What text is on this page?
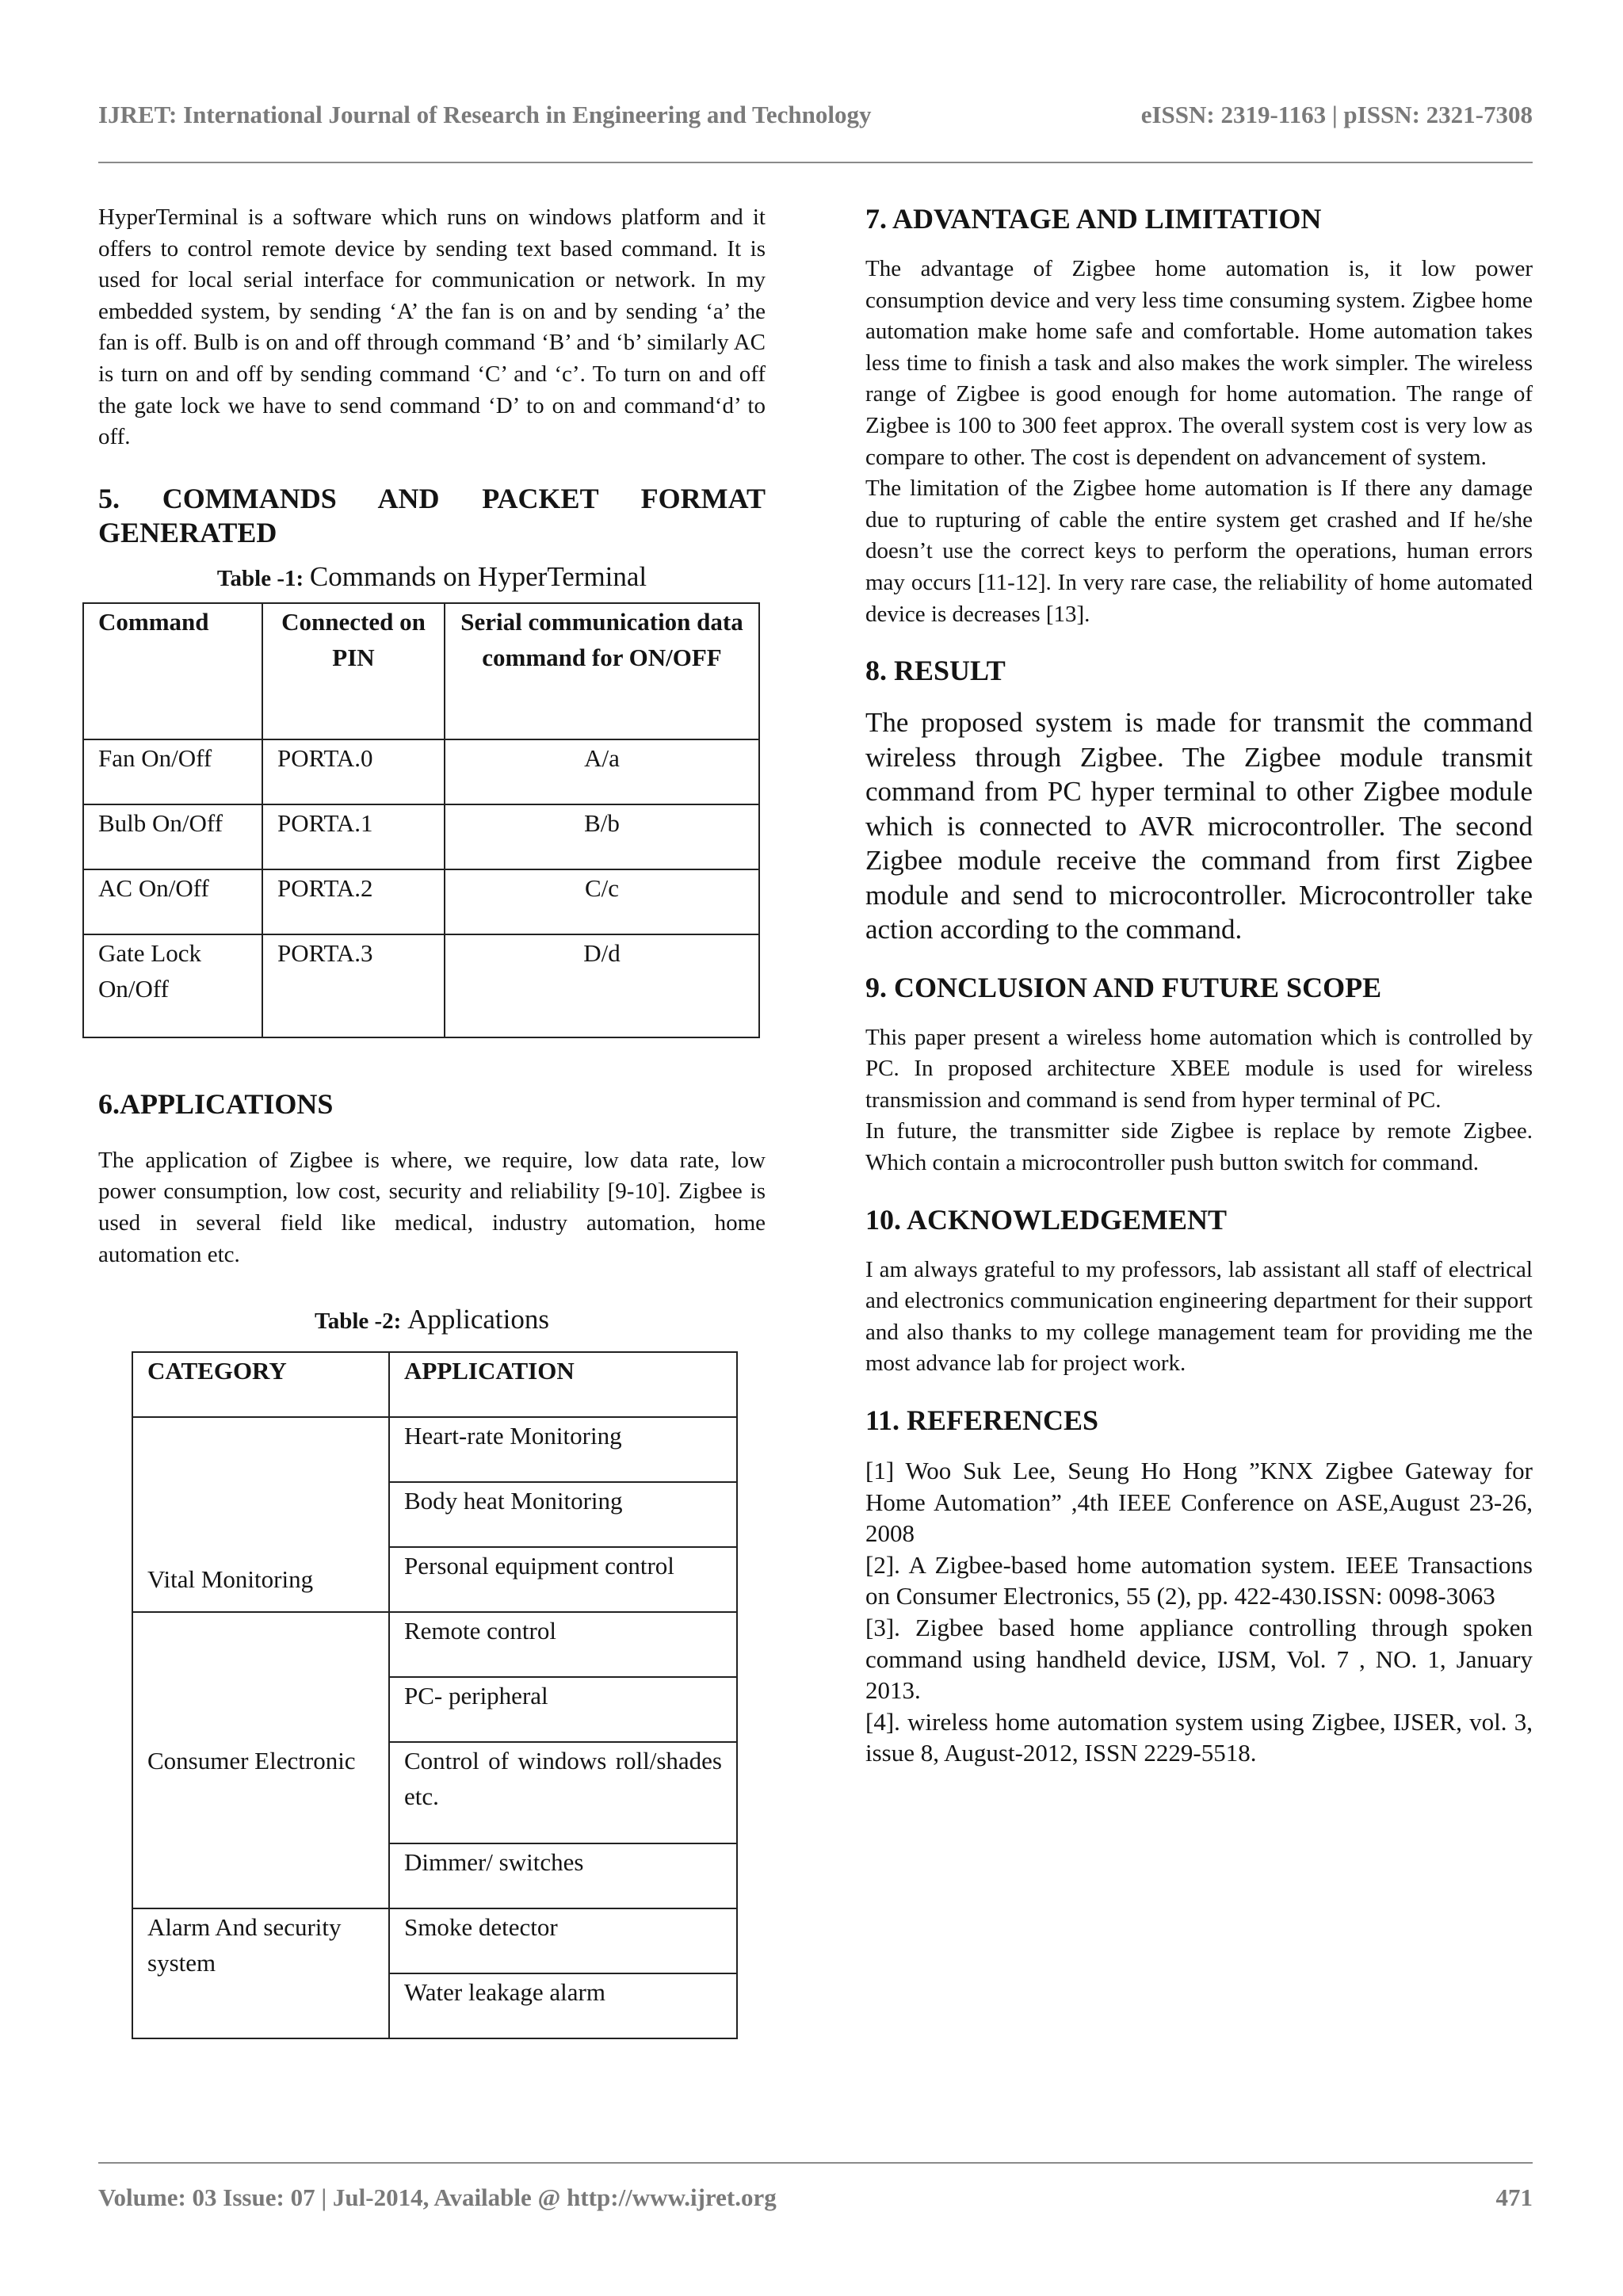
IJRET: International Journal of Research in Engineering and Technology	eISSN: 2319-1163 | pISSN: 2321-7308

HyperTerminal is a software which runs on windows platform and it offers to control remote device by sending text based command. It is used for local serial interface for communication or network. In my embedded system, by sending ‘A’ the fan is on and by sending ‘a’ the fan is off. Bulb is on and off through command ‘B’ and ‘b’ similarly AC is turn on and off by sending command ‘C’ and ‘c’. To turn on and off the gate lock we have to send command ‘D’ to on and command‘d’ to off.

5. COMMANDS AND PACKET FORMAT GENERATED
Table -1: Commands on HyperTerminal
Command	Connected on PIN	Serial communication data command for ON/OFF
Fan On/Off	PORTA.0	A/a
Bulb On/Off	PORTA.1	B/b
AC On/Off	PORTA.2	C/c
Gate Lock On/Off	PORTA.3	D/d
6.APPLICATIONS

The application of Zigbee is where, we require, low data rate, low power consumption, low cost, security and reliability [9-10]. Zigbee is used in several field like medical, industry automation, home automation etc.

Table -2: Applications
CATEGORY	APPLICATION
Vital Monitoring	Heart-rate Monitoring
	Body heat Monitoring
	Personal equipment control
Consumer Electronic	Remote control
	PC- peripheral
	Control of windows roll/shades etc.
	Dimmer/ switches
Alarm And security system	Smoke detector
	Water leakage alarm
7. ADVANTAGE AND LIMITATION

The advantage of Zigbee home automation is, it low power consumption device and very less time consuming system. Zigbee home automation make home safe and comfortable. Home automation takes less time to finish a task and also makes the work simpler. The wireless range of Zigbee is good enough for home automation. The range of Zigbee is 100 to 300 feet approx. The overall system cost is very low as compare to other. The cost is dependent on advancement of system.

The limitation of the Zigbee home automation is If there any damage due to rupturing of cable the entire system get crashed and If he/she doesn’t use the correct keys to perform the operations, human errors may occurs [11-12]. In very rare case, the reliability of home automated device is decreases [13].

8. RESULT

The proposed system is made for transmit the command wireless through Zigbee. The Zigbee module transmit command from PC hyper terminal to other Zigbee module which is connected to AVR microcontroller. The second Zigbee module receive the command from first Zigbee module and send to microcontroller. Microcontroller take action according to the command.

9. CONCLUSION AND FUTURE SCOPE

This paper present a wireless home automation which is controlled by PC. In proposed architecture XBEE module is used for wireless transmission and command is send from hyper terminal of PC.

In future, the transmitter side Zigbee is replace by remote Zigbee. Which contain a microcontroller push button switch for command.

10. ACKNOWLEDGEMENT

I am always grateful to my professors, lab assistant all staff of electrical and electronics communication engineering department for their support and also thanks to my college management team for providing me the most advance lab for project work.

11. REFERENCES

[1] Woo Suk Lee, Seung Ho Hong ”KNX Zigbee Gateway for Home Automation” ,4th IEEE Conference on ASE,August 23-26, 2008

[2]. A Zigbee-based home automation system. IEEE Transactions on Consumer Electronics, 55 (2), pp. 422-430.ISSN: 0098-3063

[3]. Zigbee based home appliance controlling through spoken command using handheld device, IJSM, Vol. 7 , NO. 1, January 2013.

[4]. wireless home automation system using Zigbee, IJSER, vol. 3, issue 8, August-2012, ISSN 2229-5518.

Volume: 03 Issue: 07 | Jul-2014, Available @ http://www.ijret.org	471
